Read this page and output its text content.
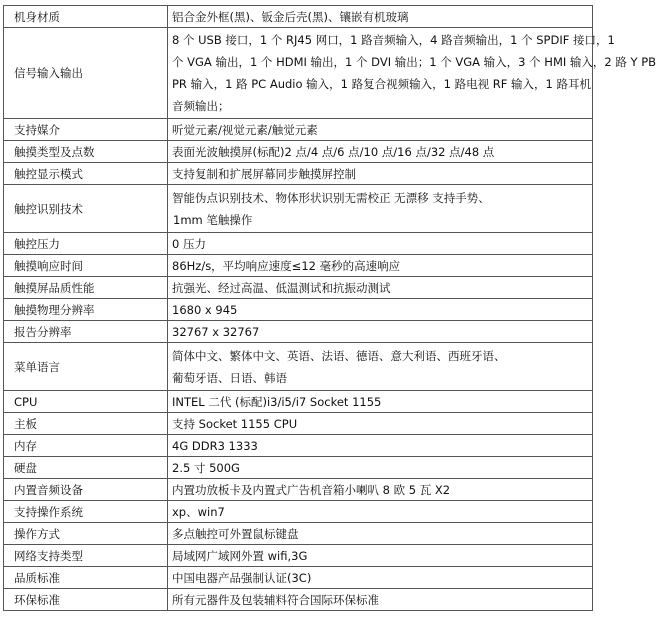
机身材质	铝合金外框(黑)、钣金后壳(黑)、镶嵌有机玻璃
信号输入输出	8 个 USB 接口，1 个 RJ45 网口，1 路音频输入，4 路音频输出，1 个 SPDIF 接口，1
个 VGA 输出，1 个 HDMI 输出，1 个 DVI 输出；1 个 VGA 输入，3 个 HMI 输入，2 路 Y PB
PR 输入，1 路 PC Audio 输入，1 路复合视频输入，1 路电视 RF 输入，1 路耳机
音频输出；

支持媒介	听觉元素/视觉元素/触觉元素
触摸类型及点数	表面光波触摸屏(标配)2 点/4 点/6 点/10 点/16 点/32 点/48 点
触控显示模式	支持复制和扩展屏幕同步触摸屏控制
触控识别技术	智能伪点识别技术、物体形状识别无需校正 无漂移 支持手势、
1mm 笔触操作

触控压力	0 压力
触摸响应时间	86Hz/s，平均响应速度≤12 毫秒的高速响应
触摸屏品质性能	抗强光、经过高温、低温测试和抗振动测试
触摸物理分辨率	1680 x 945
报告分辨率	32767 x 32767
菜单语言	简体中文、繁体中文、英语、法语、德语、意大利语、西班牙语、
葡萄牙语、日语、韩语

CPU	INTEL 二代 (标配)i3/i5/i7 Socket 1155
主板	支持 Socket 1155 CPU
内存	4G DDR3 1333
硬盘	2.5 寸 500G
内置音频设备	内置功放板卡及内置式广告机音箱小喇叭 8 欧 5 瓦 X2
支持操作系统	xp、win7
操作方式	多点触控可外置鼠标键盘
网络支持类型	局域网广域网外置 wifi,3G
品质标准	中国电器产品强制认证(3C)
环保标准	所有元器件及包装辅料符合国际环保标准
